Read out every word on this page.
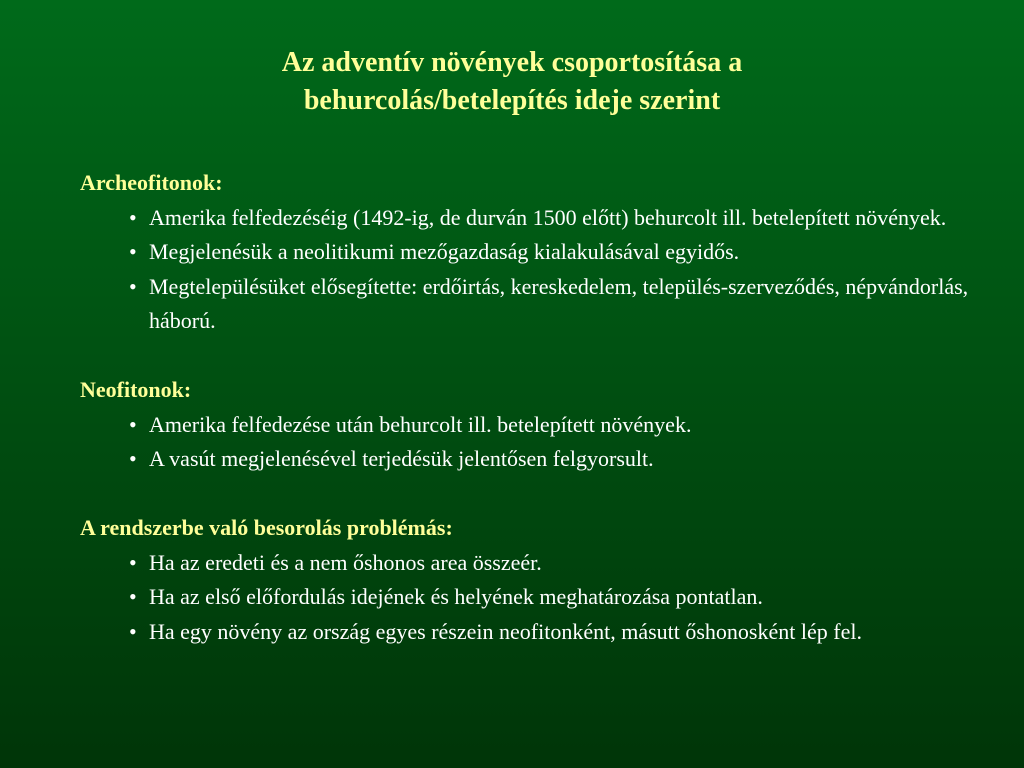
Az adventív növények csoportosítása a
behurcolás/betelepítés ideje szerint

Archeofitonok:

• Amerika felfedezéséig (1492-ig, de durván 1500 előtt) behurcolt ill. betelepített növények.
• Megjelenésük a neolitikumi mezőgazdaság kialakulásával egyidős.
• Megtelepülésüket elősegítette: erdőirtás, kereskedelem, település-szerveződés, népvándorlás, háború.

Neofitonok:

• Amerika felfedezése után behurcolt ill. betelepített növények.
• A vasút megjelenésével terjedésük jelentősen felgyorsult.

A rendszerbe való besorolás problémás:

• Ha az eredeti és a nem őshonos area összeér.
• Ha az első előfordulás idejének és helyének meghatározása pontatlan.
• Ha egy növény az ország egyes részein neofitonként, másutt őshonosként lép fel.
